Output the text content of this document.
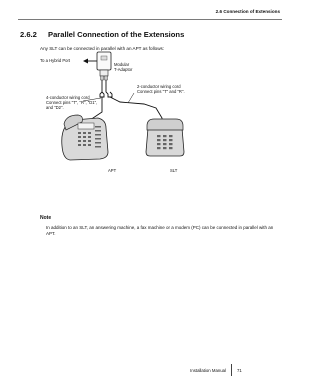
2.6 Connection of Extensions
2.6.2 Parallel Connection of the Extensions
Any SLT can be connected in parallel with an APT as follows:
To a Hybrid Port
Modular
T-Adaptor
2-conductor wiring cord
Connect pins "T" and "R".
4-conductor wiring cord
Connect pins "T", "R", "D1",
and "D2".
APT	SLT
Note
In addition to an SLT, an answering machine, a fax machine or a modem (PC) can be connected in parallel with an APT.
Installation Manual	71
